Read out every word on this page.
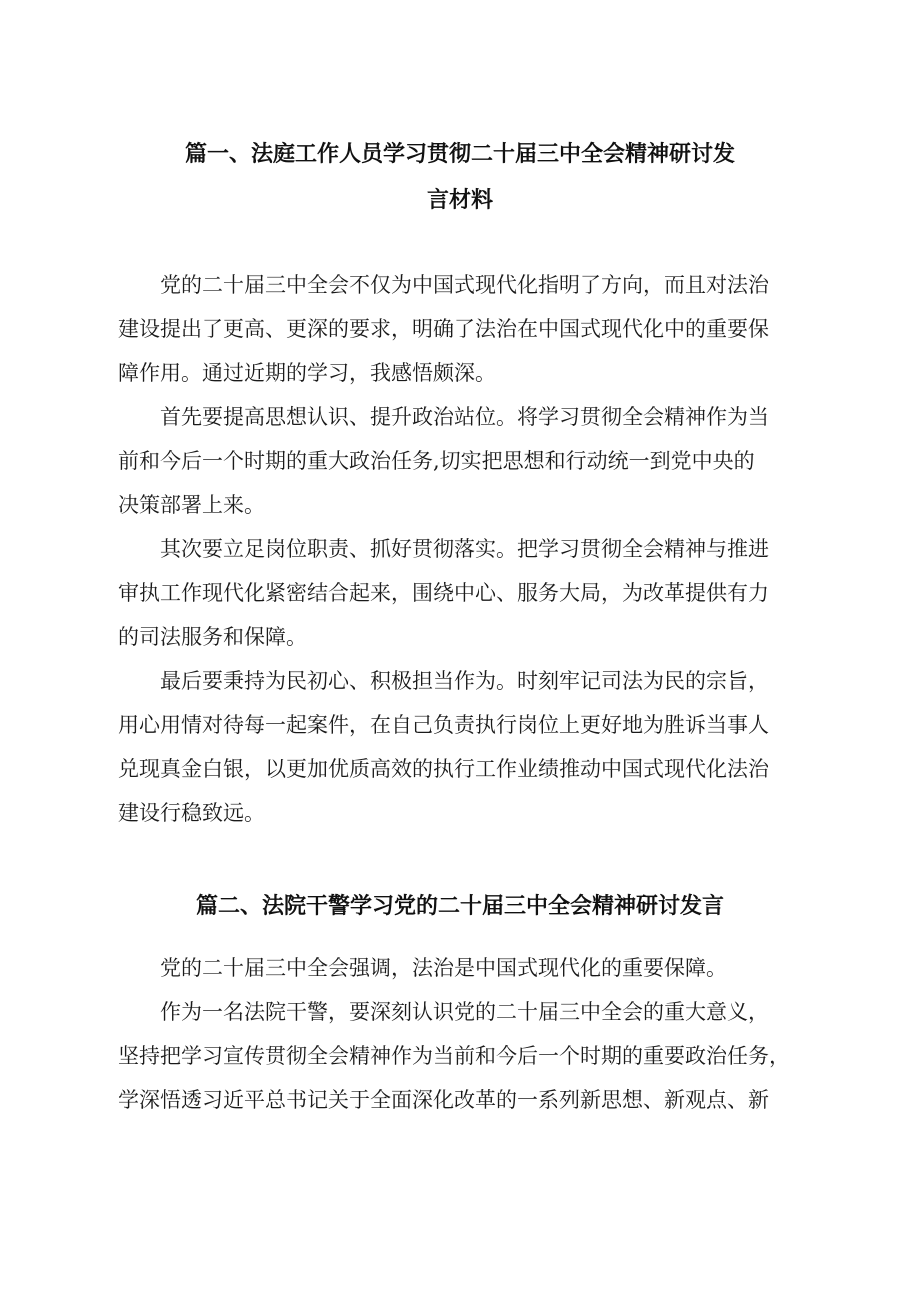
篇一、法庭工作人员学习贯彻二十届三中全会精神研讨发
言材料

党的二十届三中全会不仅为中国式现代化指明了方向，而且对法治

建设提出了更高、更深的要求，明确了法治在中国式现代化中的重要保

障作用。通过近期的学习，我感悟颇深。

首先要提高思想认识、提升政治站位。将学习贯彻全会精神作为当

前和今后一个时期的重大政治任务,切实把思想和行动统一到党中央的

决策部署上来。

其次要立足岗位职责、抓好贯彻落实。把学习贯彻全会精神与推进

审执工作现代化紧密结合起来，围绕中心、服务大局，为改革提供有力

的司法服务和保障。

最后要秉持为民初心、积极担当作为。时刻牢记司法为民的宗旨，

用心用情对待每一起案件，在自己负责执行岗位上更好地为胜诉当事人

兑现真金白银，以更加优质高效的执行工作业绩推动中国式现代化法治

建设行稳致远。

篇二、法院干警学习党的二十届三中全会精神研讨发言

党的二十届三中全会强调，法治是中国式现代化的重要保障。

作为一名法院干警，要深刻认识党的二十届三中全会的重大意义，

坚持把学习宣传贯彻全会精神作为当前和今后一个时期的重要政治任务，

学深悟透习近平总书记关于全面深化改革的一系列新思想、新观点、新
